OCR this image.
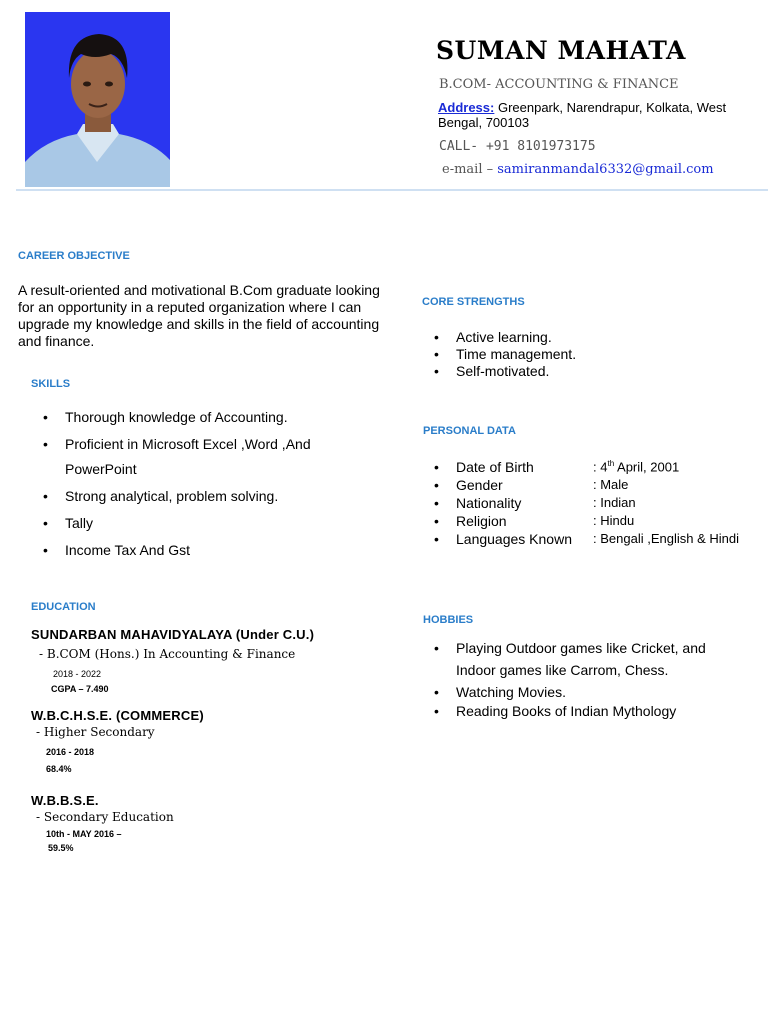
SUMAN MAHATA
B.COM- ACCOUNTING & FINANCE
Address: Greenpark, Narendrapur, Kolkata, West Bengal, 700103
CALL- +91 8101973175
e-mail – samiranmandal6332@gmail.com
CAREER OBJECTIVE
A result-oriented and motivational B.Com graduate looking for an opportunity in a reputed organization where I can upgrade my knowledge and skills in the field of accounting and finance.
SKILLS
• Thorough knowledge of Accounting.
• Proficient in Microsoft Excel ,Word ,And PowerPoint
• Strong analytical, problem solving.
• Tally
• Income Tax And Gst
EDUCATION
SUNDARBAN MAHAVIDYALAYA (Under C.U.)
- B.COM (Hons.) In Accounting & Finance
2018 - 2022
CGPA – 7.490
W.B.C.H.S.E. (COMMERCE)
- Higher Secondary
2016 - 2018
68.4%
W.B.B.S.E.
- Secondary Education
10th - MAY 2016 –
59.5%
CORE STRENGTHS
• Active learning.
• Time management.
• Self-motivated.
PERSONAL DATA
• Date of Birth	: 4th April, 2001
• Gender	: Male
• Nationality	: Indian
• Religion	: Hindu
• Languages Known : Bengali ,English & Hindi
HOBBIES
• Playing Outdoor games like Cricket, and Indoor games like Carrom, Chess.
• Watching Movies.
• Reading Books of Indian Mythology
